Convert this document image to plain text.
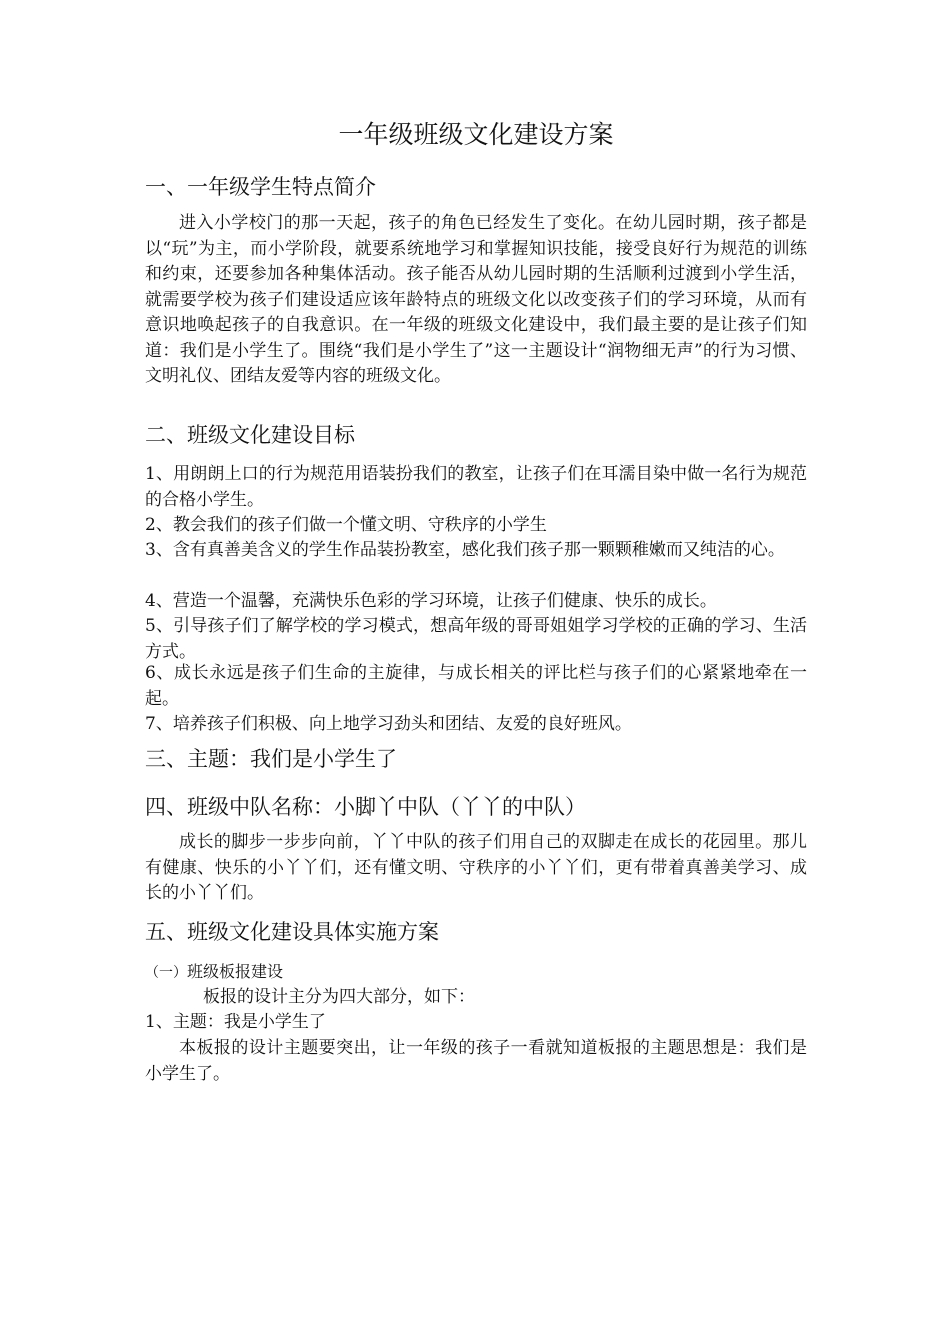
一年级班级文化建设方案
一、一年级学生特点简介

进入小学校门的那一天起，孩子的角色已经发生了变化。在幼儿园时期，孩子都是以“玩”为主，而小学阶段，就要系统地学习和掌握知识技能，接受良好行为规范的训练和约束，还要参加各种集体活动。孩子能否从幼儿园时期的生活顺利过渡到小学生活，就需要学校为孩子们建设适应该年龄特点的班级文化以改变孩子们的学习环境，从而有意识地唤起孩子的自我意识。在一年级的班级文化建设中，我们最主要的是让孩子们知道：我们是小学生了。围绕“我们是小学生了”这一主题设计“润物细无声”的行为习惯、文明礼仪、团结友爱等内容的班级文化。

二、班级文化建设目标

1、用朗朗上口的行为规范用语装扮我们的教室，让孩子们在耳濡目染中做一名行为规范的合格小学生。

2、教会我们的孩子们做一个懂文明、守秩序的小学生

3、含有真善美含义的学生作品装扮教室，感化我们孩子那一颗颗稚嫩而又纯洁的心。

4、营造一个温馨，充满快乐色彩的学习环境，让孩子们健康、快乐的成长。

5、引导孩子们了解学校的学习模式，想高年级的哥哥姐姐学习学校的正确的学习、生活方式。

6、成长永远是孩子们生命的主旋律，与成长相关的评比栏与孩子们的心紧紧地牵在一起。

7、培养孩子们积极、向上地学习劲头和团结、友爱的良好班风。

三、主题：我们是小学生了
四、班级中队名称：小脚丫中队（丫丫的中队）

成长的脚步一步步向前，丫丫中队的孩子们用自己的双脚走在成长的花园里。那儿有健康、快乐的小丫丫们，还有懂文明、守秩序的小丫丫们，更有带着真善美学习、成长的小丫丫们。

五、班级文化建设具体实施方案

（一）班级板报建设

板报的设计主分为四大部分，如下：

1、主题：我是小学生了

本板报的设计主题要突出，让一年级的孩子一看就知道板报的主题思想是：我们是小学生了。
